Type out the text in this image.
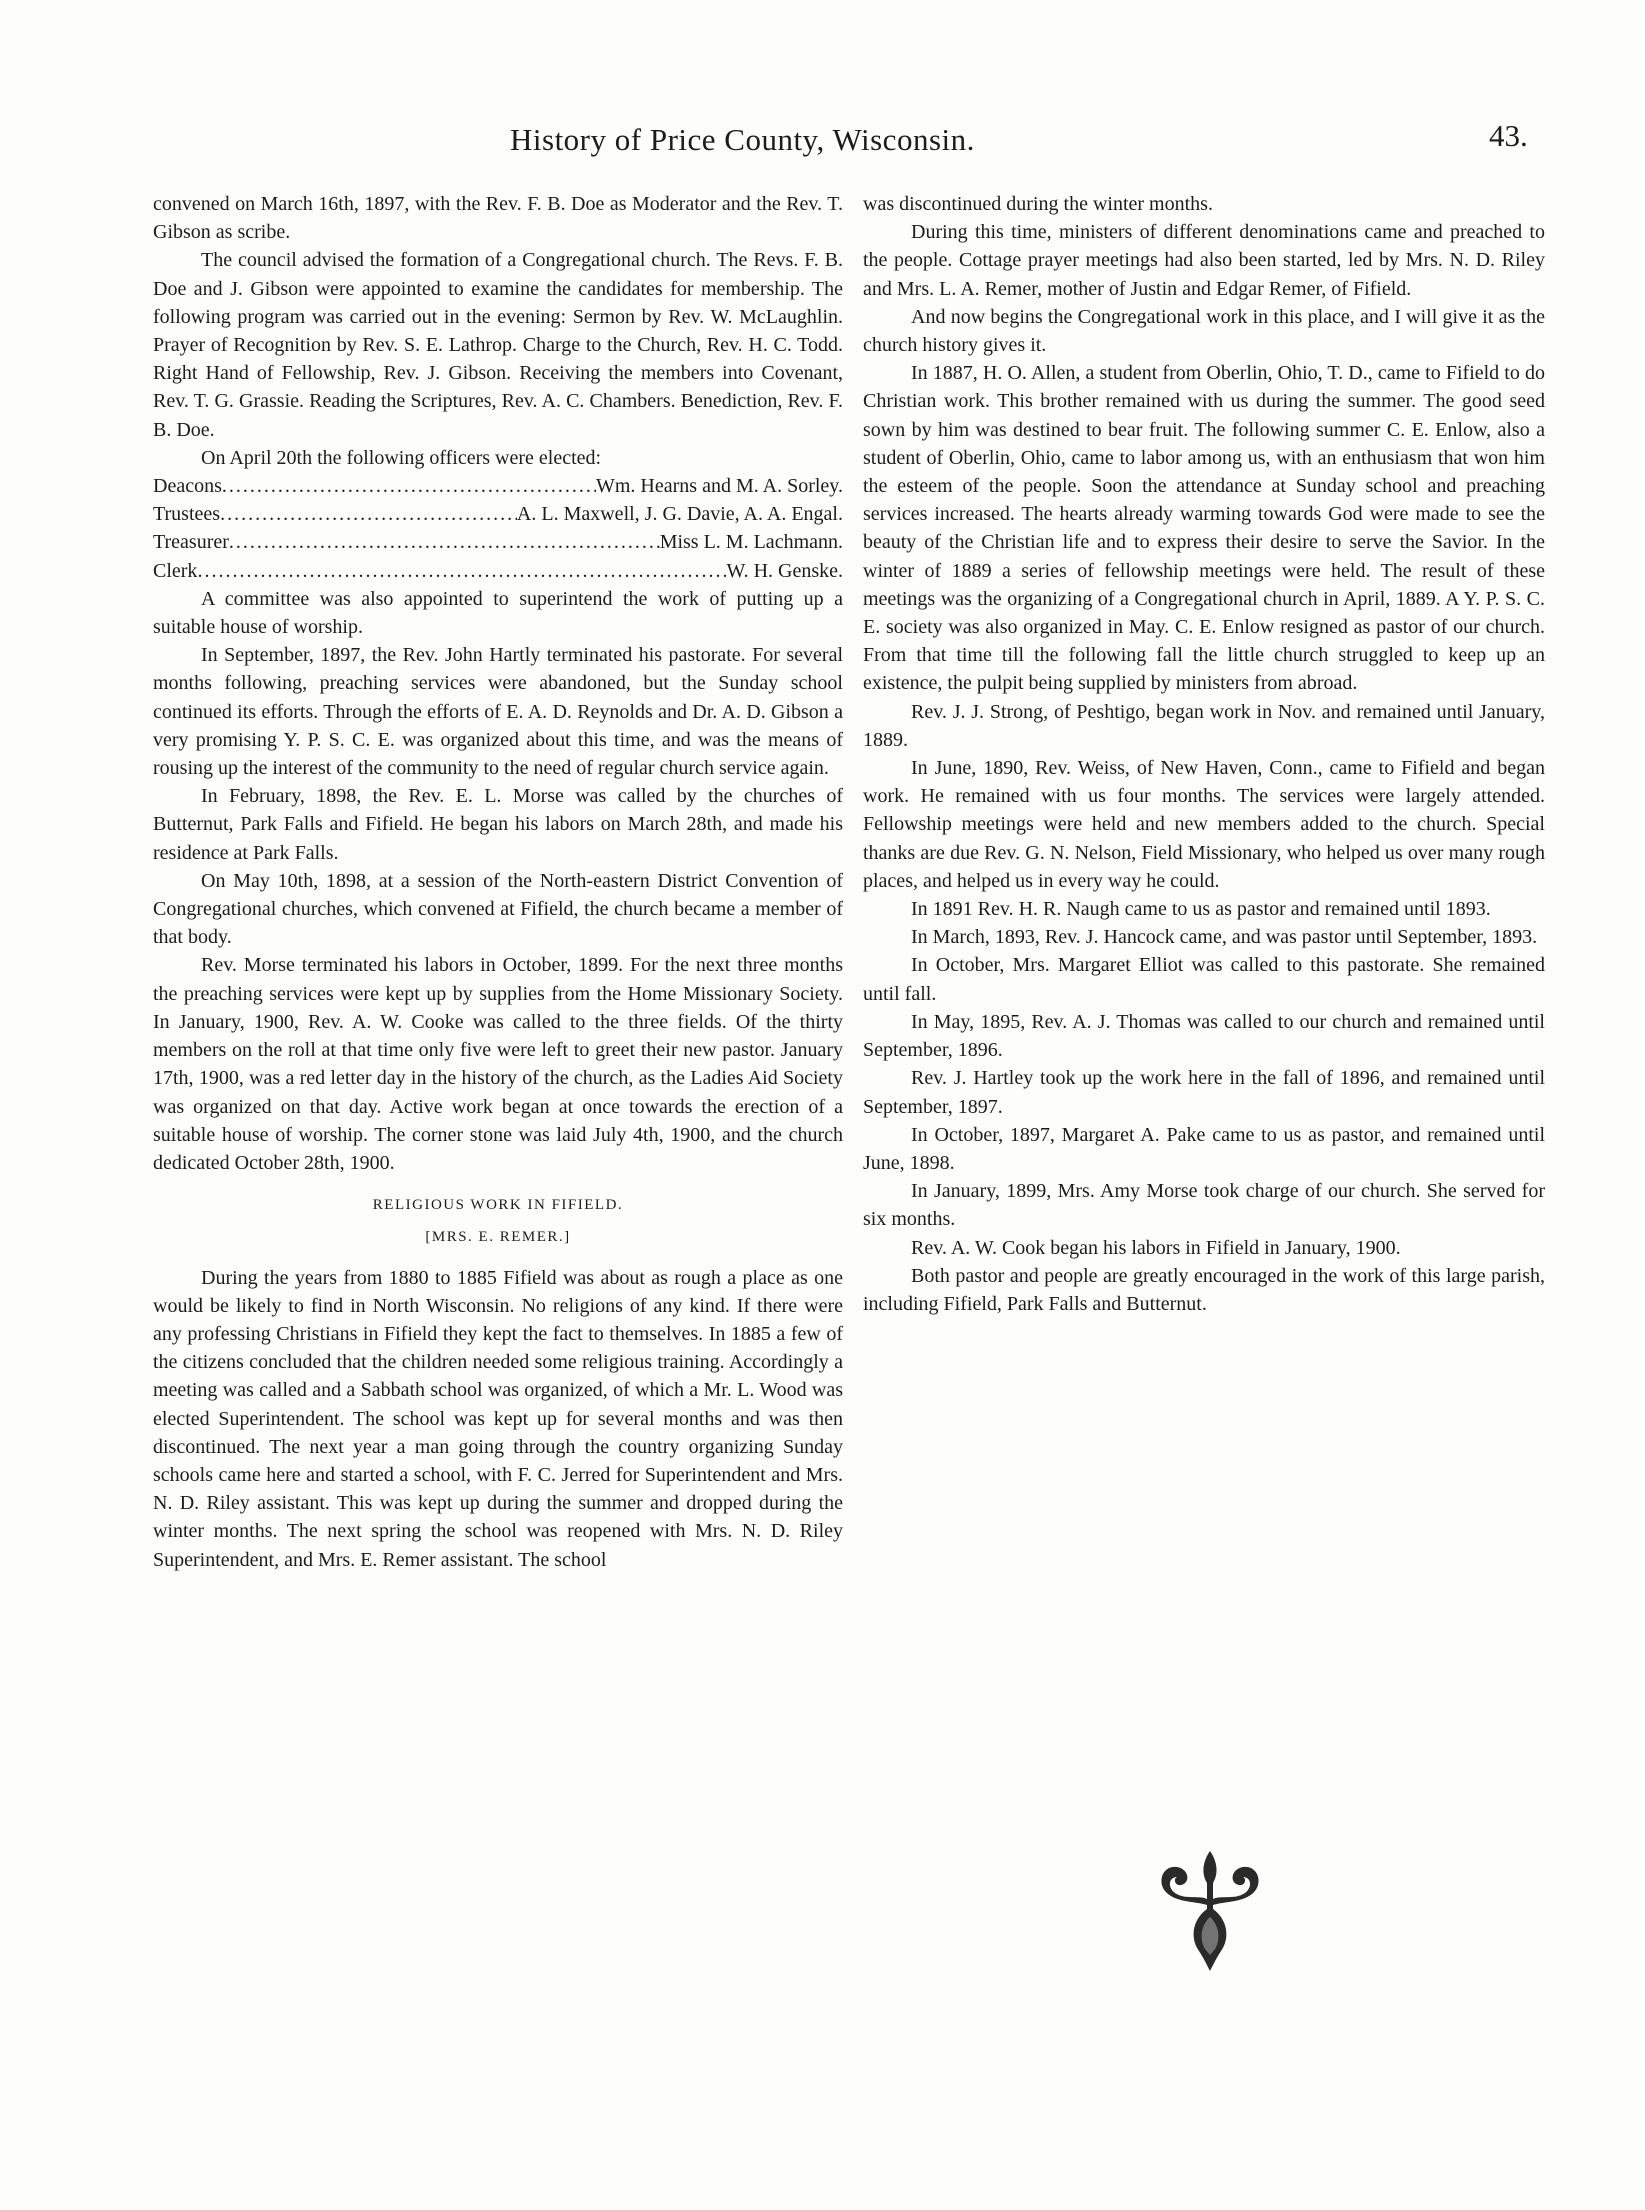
History of Price County, Wisconsin.	43.

convened on March 16th, 1897, with the Rev. F. B. Doe as Moderator and the Rev. T. Gibson as scribe.

The council advised the formation of a Congregational church. The Revs. F. B. Doe and J. Gibson were appointed to examine the candidates for membership. The following program was carried out in the evening: Sermon by Rev. W. McLaughlin. Prayer of Recognition by Rev. S. E. Lathrop. Charge to the Church, Rev. H. C. Todd. Right Hand of Fellowship, Rev. J. Gibson. Receiving the members into Covenant, Rev. T. G. Grassie. Reading the Scriptures, Rev. A. C. Chambers. Benediction, Rev. F. B. Doe.

On April 20th the following officers were elected:

Deacons .....	Wm. Hearns and M. A. Sorley.
Trustees .....	A. L. Maxwell, J. G. Davie, A. A. Engal.
Treasurer .....	Miss L. M. Lachmann.
Clerk .....	W. H. Genske.

A committee was also appointed to superintend the work of putting up a suitable house of worship.

In September, 1897, the Rev. John Hartly terminated his pastorate. For several months following, preaching services were abandoned, but the Sunday school continued its efforts. Through the efforts of E. A. D. Reynolds and Dr. A. D. Gibson a very promising Y. P. S. C. E. was organized about this time, and was the means of rousing up the interest of the community to the need of regular church service again.

In February, 1898, the Rev. E. L. Morse was called by the churches of Butternut, Park Falls and Fifield. He began his labors on March 28th, and made his residence at Park Falls.

On May 10th, 1898, at a session of the North-eastern District Convention of Congregational churches, which convened at Fifield, the church became a member of that body.

Rev. Morse terminated his labors in October, 1899. For the next three months the preaching services were kept up by supplies from the Home Missionary Society. In January, 1900, Rev. A. W. Cooke was called to the three fields. Of the thirty members on the roll at that time only five were left to greet their new pastor. January 17th, 1900, was a red letter day in the history of the church, as the Ladies Aid Society was organized on that day. Active work began at once towards the erection of a suitable house of worship. The corner stone was laid July 4th, 1900, and the church dedicated October 28th, 1900.

RELIGIOUS WORK IN FIFIELD.
[MRS. E. REMER.]

During the years from 1880 to 1885 Fifield was about as rough a place as one would be likely to find in North Wisconsin. No religions of any kind. If there were any professing Christians in Fifield they kept the fact to themselves. In 1885 a few of the citizens concluded that the children needed some religious training. Accordingly a meeting was called and a Sabbath school was organized, of which a Mr. L. Wood was elected Superintendent. The school was kept up for several months and was then discontinued. The next year a man going through the country organizing Sunday schools came here and started a school, with F. C. Jerred for Superintendent and Mrs. N. D. Riley assistant. This was kept up during the summer and dropped during the winter months. The next spring the school was reopened with Mrs. N. D. Riley Superintendent, and Mrs. E. Remer assistant. The school

was discontinued during the winter months.

During this time, ministers of different denominations came and preached to the people. Cottage prayer meetings had also been started, led by Mrs. N. D. Riley and Mrs. L. A. Remer, mother of Justin and Edgar Remer, of Fifield.

And now begins the Congregational work in this place, and I will give it as the church history gives it.

In 1887, H. O. Allen, a student from Oberlin, Ohio, T. D., came to Fifield to do Christian work. This brother remained with us during the summer. The good seed sown by him was destined to bear fruit. The following summer C. E. Enlow, also a student of Oberlin, Ohio, came to labor among us, with an enthusiasm that won him the esteem of the people. Soon the attendance at Sunday school and preaching services increased. The hearts already warming towards God were made to see the beauty of the Christian life and to express their desire to serve the Savior. In the winter of 1889 a series of fellowship meetings were held. The result of these meetings was the organizing of a Congregational church in April, 1889. A Y. P. S. C. E. society was also organized in May. C. E. Enlow resigned as pastor of our church. From that time till the following fall the little church struggled to keep up an existence, the pulpit being supplied by ministers from abroad.

Rev. J. J. Strong, of Peshtigo, began work in Nov. and remained until January, 1889.

In June, 1890, Rev. Weiss, of New Haven, Conn., came to Fifield and began work. He remained with us four months. The services were largely attended. Fellowship meetings were held and new members added to the church. Special thanks are due Rev. G. N. Nelson, Field Missionary, who helped us over many rough places, and helped us in every way he could.

In 1891 Rev. H. R. Naugh came to us as pastor and remained until 1893.

In March, 1893, Rev. J. Hancock came, and was pastor until September, 1893.

In October, Mrs. Margaret Elliot was called to this pastorate. She remained until fall.

In May, 1895, Rev. A. J. Thomas was called to our church and remained until September, 1896.

Rev. J. Hartley took up the work here in the fall of 1896, and remained until September, 1897.

In October, 1897, Margaret A. Pake came to us as pastor, and remained until June, 1898.

In January, 1899, Mrs. Amy Morse took charge of our church. She served for six months.

Rev. A. W. Cook began his labors in Fifield in January, 1900.

Both pastor and people are greatly encouraged in the work of this large parish, including Fifield, Park Falls and Butternut.
